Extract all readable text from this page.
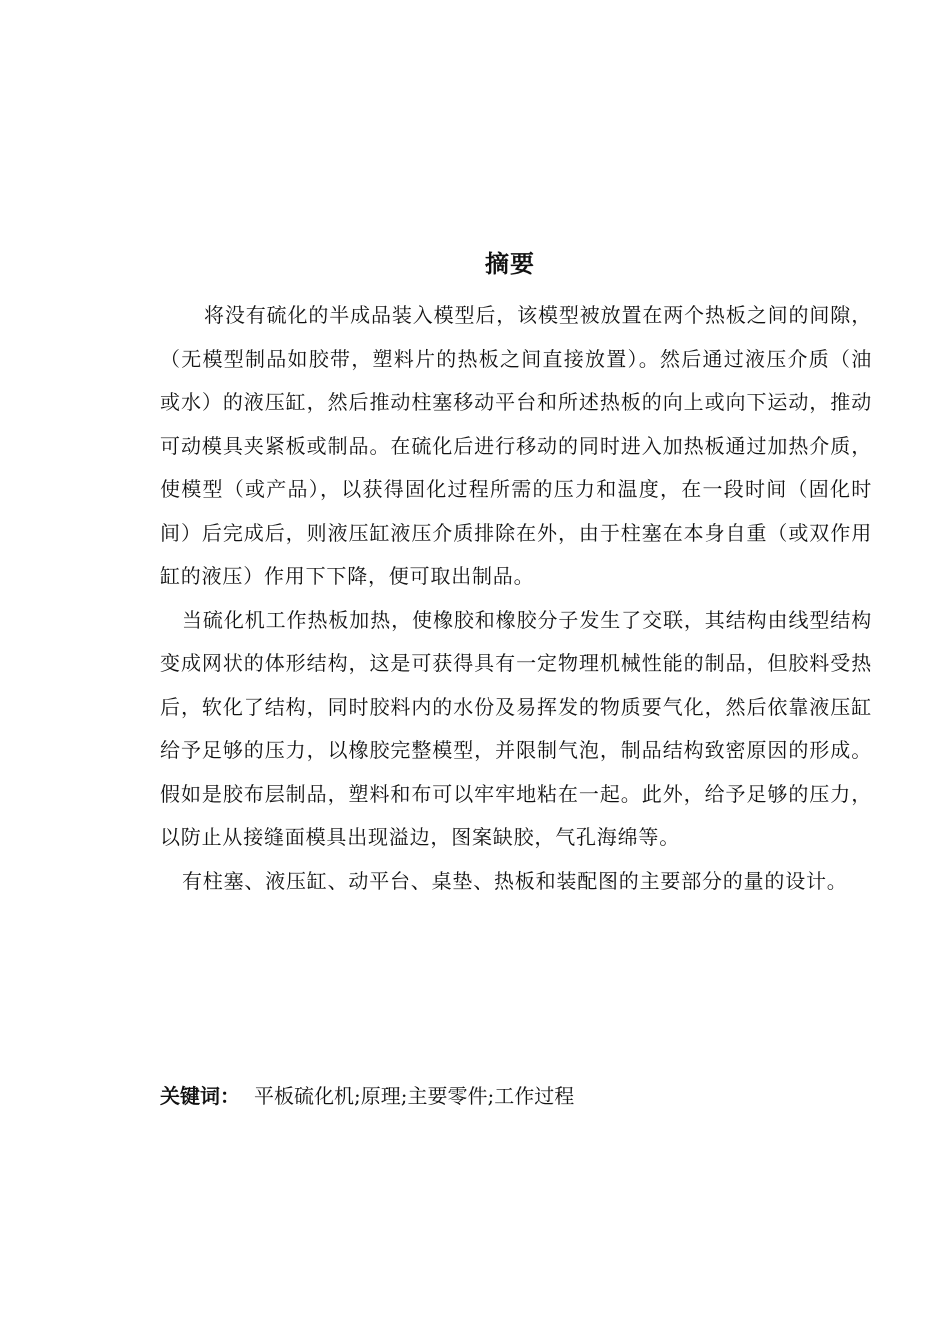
摘要

将没有硫化的半成品装入模型后，该模型被放置在两个热板之间的间隙，（无模型制品如胶带，塑料片的热板之间直接放置）。然后通过液压介质（油或水）的液压缸，然后推动柱塞移动平台和所述热板的向上或向下运动，推动可动模具夹紧板或制品。在硫化后进行移动的同时进入加热板通过加热介质，使模型（或产品），以获得固化过程所需的压力和温度，在一段时间（固化时间）后完成后，则液压缸液压介质排除在外，由于柱塞在本身自重（或双作用缸的液压）作用下下降，便可取出制品。

当硫化机工作热板加热，使橡胶和橡胶分子发生了交联，其结构由线型结构变成网状的体形结构，这是可获得具有一定物理机械性能的制品，但胶料受热后，软化了结构，同时胶料内的水份及易挥发的物质要气化，然后依靠液压缸给予足够的压力，以橡胶完整模型，并限制气泡，制品结构致密原因的形成。假如是胶布层制品，塑料和布可以牢牢地粘在一起。此外，给予足够的压力，以防止从接缝面模具出现溢边，图案缺胶，气孔海绵等。

有柱塞、液压缸、动平台、桌垫、热板和装配图的主要部分的量的设计。

关键词： 平板硫化机;原理;主要零件;工作过程
